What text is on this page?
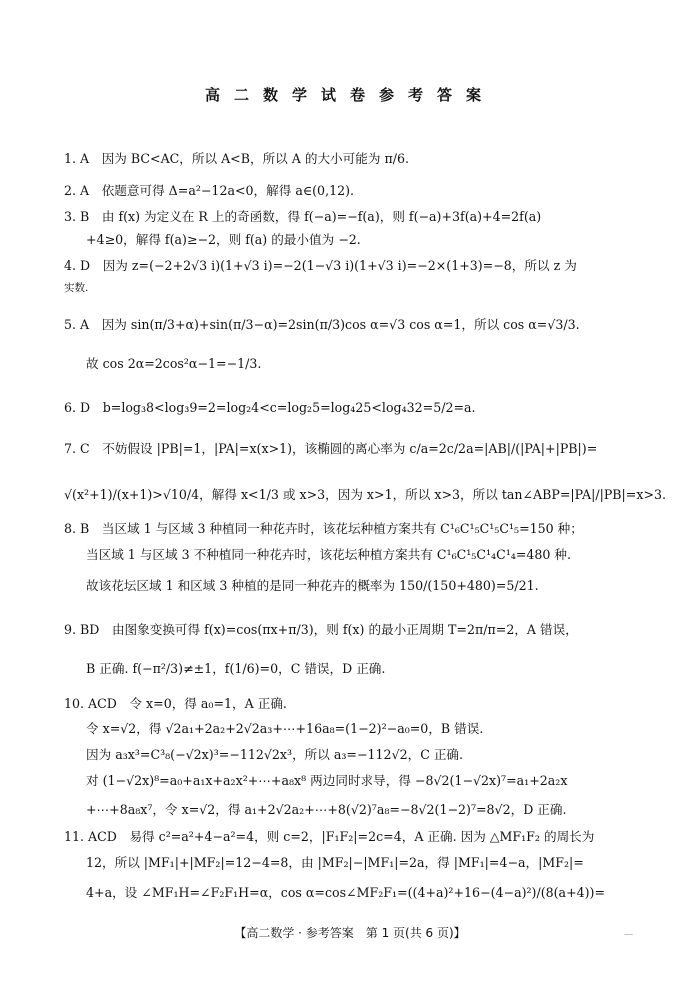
高二数学试卷参考答案
1. A　因为 BC<AC，所以 A<B，所以 A 的大小可能为 π/6.
2. A　依题意可得 Δ=a²−12a<0，解得 a∈(0,12).
3. B　由 f(x) 为定义在 R 上的奇函数，得 f(−a)=−f(a)，则 f(−a)+3f(a)+4=2f(a)
+4≥0，解得 f(a)≥−2，则 f(a) 的最小值为 −2.
4. D　因为 z=(−2+2√3 i)(1+√3 i)=−2(1−√3 i)(1+√3 i)=−2×(1+3)=−8，所以 z 为
实数.
5. A　因为 sin(π/3+α)+sin(π/3−α)=2sin(π/3)cos α=√3 cos α=1，所以 cos α=√3/3.
故 cos 2α=2cos²α−1=−1/3.
6. D　b=log₃8<log₃9=2=log₂4<c=log₂5=log₄25<log₄32=5/2=a.
7. C　不妨假设 |PB|=1，|PA|=x(x>1)，该椭圆的离心率为 c/a=2c/2a=|AB|/(|PA|+|PB|)=
√(x²+1)/(x+1)>√10/4，解得 x<1/3 或 x>3，因为 x>1，所以 x>3，所以 tan∠ABP=|PA|/|PB|=x>3.
8. B　当区域 1 与区域 3 种植同一种花卉时，该花坛种植方案共有 C¹₆C¹₅C¹₅C¹₅=150 种；
当区域 1 与区域 3 不种植同一种花卉时，该花坛种植方案共有 C¹₆C¹₅C¹₄C¹₄=480 种.
故该花坛区域 1 和区域 3 种植的是同一种花卉的概率为 150/(150+480)=5/21.
9. BD　由图象变换可得 f(x)=cos(πx+π/3)，则 f(x) 的最小正周期 T=2π/π=2，A 错误，
B 正确. f(−π²/3)≠±1，f(1/6)=0，C 错误，D 正确.
10. ACD　令 x=0，得 a₀=1，A 正确.
令 x=√2，得 √2a₁+2a₂+2√2a₃+⋯+16a₈=(1−2)²−a₀=0，B 错误.
因为 a₃x³=C³₈(−√2x)³=−112√2x³，所以 a₃=−112√2，C 正确.
对 (1−√2x)⁸=a₀+a₁x+a₂x²+⋯+a₈x⁸ 两边同时求导，得 −8√2(1−√2x)⁷=a₁+2a₂x
+⋯+8a₈x⁷，令 x=√2，得 a₁+2√2a₂+⋯+8(√2)⁷a₈=−8√2(1−2)⁷=8√2，D 正确.
11. ACD　易得 c²=a²+4−a²=4，则 c=2，|F₁F₂|=2c=4，A 正确. 因为 △MF₁F₂ 的周长为
12，所以 |MF₁|+|MF₂|=12−4=8，由 |MF₂|−|MF₁|=2a，得 |MF₁|=4−a，|MF₂|=
4+a，设 ∠MF₁H=∠F₂F₁H=α，cos α=cos∠MF₂F₁=((4+a)²+16−(4−a)²)/(8(a+4))=
【高二数学 · 参考答案　第 1 页(共 6 页)】	—
